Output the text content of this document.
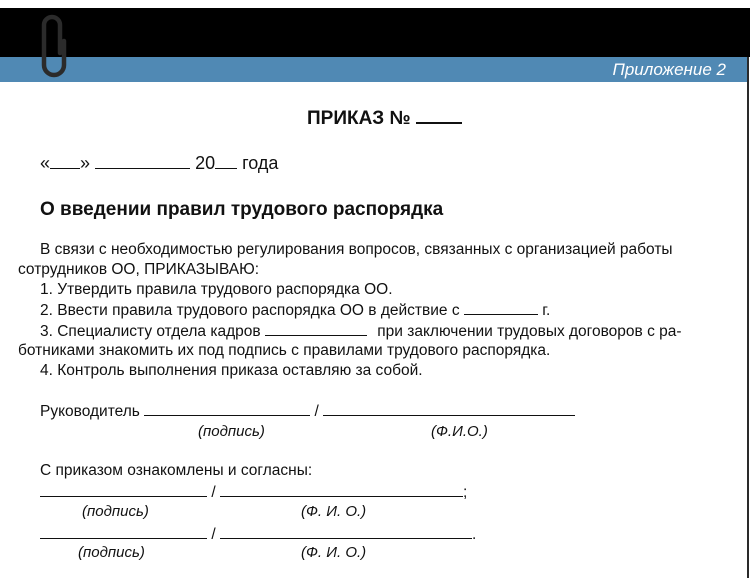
Приложение 2
ПРИКАЗ №
« »	20 года
О введении правил трудового распорядка
В связи с необходимостью регулирования вопросов, связанных с организацией работы
сотрудников ОО, ПРИКАЗЫВАЮ:
1. Утвердить правила трудового распорядка ОО.
2. Ввести правила трудового распорядка ОО в действие с	г.
3. Специалисту отдела кадров	при заключении трудовых договоров с ра-
ботниками знакомить их под подпись с правилами трудового распорядка.
4. Контроль выполнения приказа оставляю за собой.
Руководитель	/
(подпись)	(Ф.И.О.)
С приказом ознакомлены и согласны:
/	;
(подпись)	(Ф. И. О.)
/	.
(подпись)	(Ф. И. О.)
